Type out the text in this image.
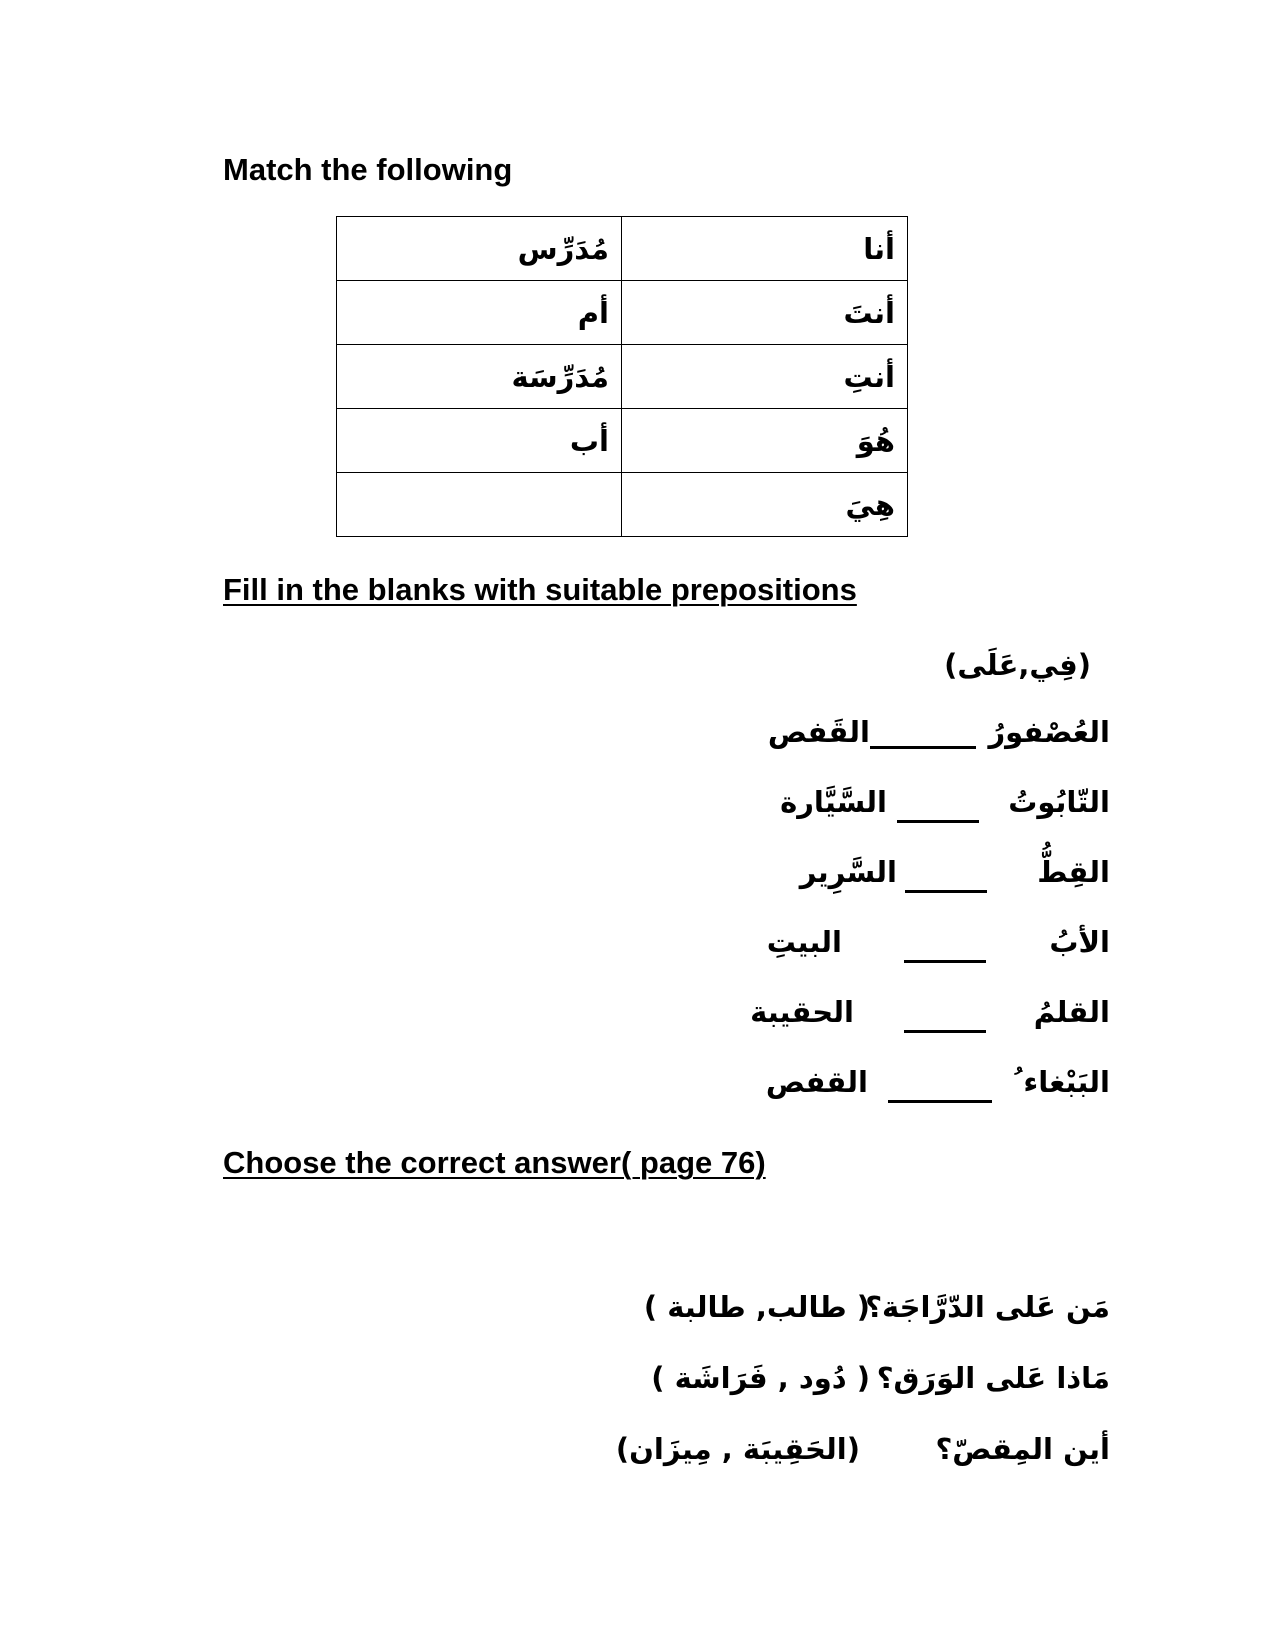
Match the following
مُدَرِّس	أنا
أم	أنتَ
مُدَرِّسَة	أنتِ
أب	هُوَ
	هِيَ
Fill in the blanks with suitable prepositions
(فِي,عَلَى)
العُصْفورُ
القَفص
التّابُوتُ
السَّيَّارة
القِطُّ
السَّرِير
الأبُ
البيتِ
القلمُ
الحقيبة
البَبْغاء ُ
القفص
Choose the correct answer( page 76)
مَن عَلى الدّرَّاجَة؟
( طالب, طالبة )
مَاذا عَلى الوَرَق؟
( دُود , فَرَاشَة )
أين المِقصّ؟
(الحَقِيبَة , مِيزَان)
